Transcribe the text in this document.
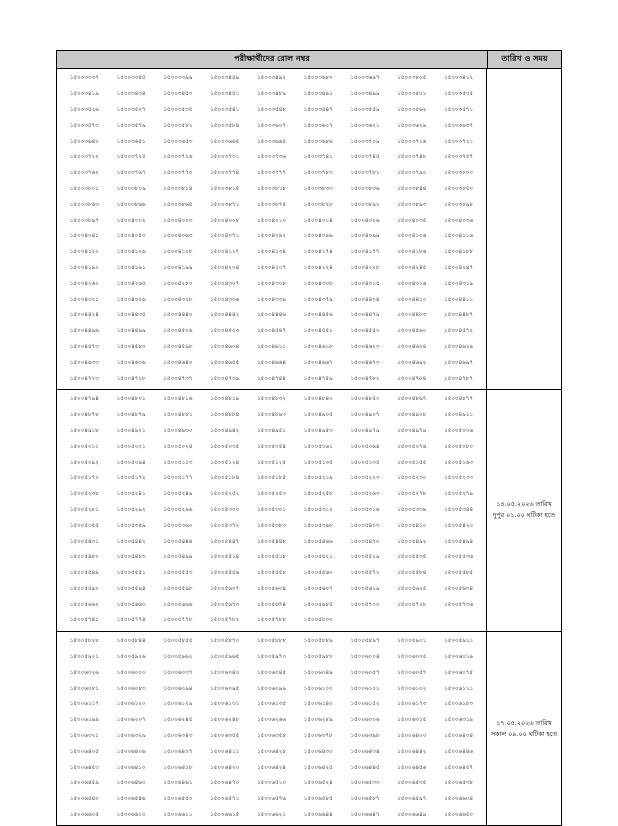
পরীক্ষার্থীদের রোল নম্বর	তারিখ ও সময়
১৫০০৩৩৩৭	১৫০০৩৩৫৫	১৫০০৩৩৯৯	১৫০০৩৪৫৯	১৫০০৩৪৯২	১৫০০৩৬৮০	১৫০০৩৬৯৭	১৫০০৩৮০৫	১৫০০৩৪১২
১৫০০৩৪১৯	১৫০০৩৪৩৪	১৫০০৩৪৫০	১৫০০৩৪৫১	১৫০০৩৪৮৯	১৫০০৩৪৯১	১৫০০৩৪৯৯	১৫০০৩৫০১	১৫০০৩৫০৫
১৫০০৩৫২৬	১৫০০৩৫২৭	১৫০০৩৫৩৫	১৫০০৩৫৪১	১৫০০৩৫৪৮	১৫০০৩৫৪৭	১৫০০৩৫৫৯	১৫০০৩৫৬২	১৫০০৩৫৭১
১৫০০৩৫৭৩	১৫০০৩৫৭৯	১৫০০৩৫৮২	১৫০০৩৫৮৪	১৫০০৩৬০৭	১৫০০৩৬১৭	১৫০০৩৬২১	১৫০০৩৬২৯	১৫০০৩৬৩৭
১৫০০৩৬৪০	১৫০০৩৬৫১	১৫০০৩৬৫৩	১৫০০৩৬৬৫	১৫০০৩৬৬৫	১৫০০৩৬৮৬	১৫০০৩৭০৯	১৫০০৩৭১৬	১৫০০৩৭২১
১৫০০৩৭২২	১৫০০৩৭২৫	১৫০০৩৭২৬	১৫০০৩৭৩১	১৫০০৩৭৩৬	১৫০০৩৭৪১	১৫০০৩৭৪৫	১৫০০৩৭৪৮	১৫০০৩৭৫৭
১৫০০৩৭৬২	১৫০০৩৭৬৭	১৫০০৩৭৭০	১৫০০৩৭৭৪	১৫০০৩৭৭৭	১৫০০৩৭৮০	১৫০০৩৭৮১	১৫০০৩৭৯০	১৫০০৩৮০০
১৫০০৩৮০১	১৫০০৩৮০৯	১৫০০৩৮১৪	১৫০০৩৮১৫	১৫০০৩৮১৮	১৫০০৩৮৩৩	১৫০০৩৮৩৬	১৫০০৩৮৪৪	১৫০০৩৮৫০
১৫০০৩৮৬৩	১৫০০৩৮৬৬	১৫০০৩৮৬৫	১৫০০৩৮৭১	১৫০০৩৮৭৫	১৫০০৩৮২৮	১৫০০৩৮৯২	১৫০০৩৮৯৩	১৫০০৩৮৯৮
১৫০০৩৮৯৭	১৫০০৪০০২	১৫০০৪০০৩	১৫০০৪০০৮	১৫০০৪০১০	১৫০০৪০১৪	১৫০০৪০২৬	১৫০০৪০৩৫	১৫০০৪০৩৬
১৫০০৪০৪১	১৫০০৪০৫০	১৫০০৪০৬৩	১৫০০৪০৭১	১৫০০৪০৯২	১৫০০৪০৯৬	১৫০০৪০৯৯	১৫০০৪১০৬	১৫০০৪১১৬
১৫০০৪১২০	১৫০০৪১২৬	১৫০০৪১২৮	১৫০০৪১২৭	১৫০০৪১৩৪	১৫০০৪১৭৪	১৫০০৪১৭৭	১৫০০৪১৮৬	১৫০০৪১৮৮
১৫০০৪১৯০	১৫০০৪১৯১	১৫০০৪১৯৯	১৫০০৪২০৪	১৫০০৪২০৭	১৫০০৪২২৪	১৫০০৪২২৮	১৫০০৪২৪৫	১৫০০৪২৪৭
১৫০০৪২৬০	১৫০০৪২৬৫	১৫০০৪২৮০	১৫০০৪৩০৭	১৫০০৪৩০৮	১৫০০৪৩০৮	১৫০০৪৩১৫	১৫০০৪৩১৬	১৫০০৪৩১৯
১৫০০৪৩২১	১৫০০৪৩২৬	১৫০০৪৩২৮	১৫০০৪৩৩৬	১৫০০৪৩৩৯	১৫০০৪৩৭৯	১৫০০৪৪০৪	১৫০০৪৪১০	১৫০০৪৪১১
১৫০০৪৪২৪	১৫০০৪৪৩৫	১৫০০৪৪৪০	১৫০০৪৪৪২	১৫০০৪৪৪৬	১৫০০৪৪৫৬	১৫০০৪৪৭৯	১৫০০৪৪৮৩	১৫০০৪৪৮৭
১৫০০৪৪৯৬	১৫০০৪৪৯৯	১৫০০৪৫০৬	১৫০০৪৫২৩	১৫০০৪৫৪৭	১৫০০৪৫৫১	১৫০০৪৫৫০	১৫০০৪৫৬০	১৫০০৪৫৭২
১৫০০৪৫৭৩	১৫০০৪৫৮০	১৫০০৪৫৯৮	১৫০০৪৬০৪	১৫০০৪৬১১	১৫০০৪৬১৮	১৫০০৪৬২৩	১৫০০৪৬২৪	১৫০০৪৬২৯
১৫০০৪৬৩৩	১৫০০৪৬৩৬	১৫০০৪৬৪০	১৫০০৪৬৫৫	১৫০০৪৬৬৪	১৫০০৪৬৬৭	১৫০০৪৬৭৩	১৫০০৪৬৯২	১৫০০৪৬৯৭
১৫০০৪৭২৩	১৫০০৪৭২৮	১৫০০৪৭৩৭	১৫০০৪৭৩৯	১৫০০৪৭৪৪	১৫০০৪৭৫৯	১৫০০৪৭৮২	১৫০০৪৭৮৪	১৫০০৪৭৮৭
১৫০০৪৭৯৪	১৫০০৪৮০১	১৫০০৪৮১৬	১৫০০৪৮১৯	১৫০০৪৮৩২	১৫০০৪৮৪০	১৫০০৪৮৫০	১৫০০৪৮৬৭	১৫০০৪৮৭৭
১৫০০৪৮৭৮	১৫০০৪৮৭৯	১৫০০৪৮৮১	১৫০০৪৮৮৪	১৫০০৪৮৯৩	১৫০০৪৯০৫	১৫০০৪৯০৭	১৫০০৪৯০৮	১৫০০৪৯১১
১৫০০৪৯১৮	১৫০০৪৯২১	১৫০০৪৯৩০	১৫০০৪৯৪২	১৫০০৪৯৫১	১৫০০৪৯৫৩	১৫০০৪৯৭৯	১৫০০৪৯৭৯	১৫০০৫০০৬
১৫০০৫০১১	১৫০০৫০২১	১৫০০৫০২৪	১৫০০৫০৩৫	১৫০০৫০৫৪	১৫০০৫০৬১	১৫০০৫০৬৪	১৫০০৫০৭৬	১৫০০৫০৮০
১৫০০৫০৯২	১৫০০৫০৯৪	১৫০০৫১১৩	১৫০০৫১২৪	১৫০০৫১২৫	১৫০০৫১৩৫	১৫০০৫১৩৫	১৫০০৫১৫৫	১৫০০৫১৬৩
১৫০০৫১৭০	১৫০০৫১৭২	১৫০০৫১৭৭	১৫০০৫১৮৪	১৫০০৫১৮৫	১৫০০৫২১৯	১৫০০৫২২৩	১৫০০৫২৩০	১৫০০৫২৩৩
১৫০০৫২৩৮	১৫০০৫২৪১	১৫০০৫২৪৯	১৫০০৫২৫২	১৫০০৫২৫৩	১৫০০৫২৫৮	১৫০০৫২৬৩	১৫০০৫২৭৮	১৫০০৫২৭৯
১৫০০৫২৮১	১৫০০৫২৯২	১৫০০৫২৯৬	১৫০০৫৩০০	১৫০০৫৩০১	১৫০০৫৩১২	১৫০০৫৩১৬	১৫০০৫৩৩৯	১৫০০৫৩৪৪
১৫০০৫৩৫৫	১৫০০৫৩৫৯	১৫০০৫৩৬০	১৫০০৫৩৭২	১৫০০৫৩৮৩	১৫০০৫৩৯৮	১৫০০৫৪০৩	১৫০০৫৪১০	১৫০০৫৪২০
১৫০০৫৪৩১	১৫০০৫৪৪২	১৫০০৫৪৪৪	১৫০০৫৪৪৭	১৫০০৫৪৪৮	১৫০০৫৪৬৬	১৫০০৫৪৭০	১৫০০৫৪৯২	১৫০০৫৪৯৪
১৫০০৫৪৮০	১৫০০৫৪৮৩	১৫০০৫৪৯৯	১৫০০৫৫১৪	১৫০০৫৫১৮	১৫০০৫৫২১	১৫০০৫৫২৯	১৫০০৫৫৩৫	১৫০০৫৫৩৬
১৫০০৫৫৪৯	১৫০০৫৫৫১	১৫০০৫৫৫৩	১৫০০৫৫৫৬	১৫০০৫৫৫৮	১৫০০৫৫৬০	১৫০০৫৫৭২	১৫০০৫৫৮৪	১৫০০৫৫৮৫
১৫০০৫৫৯০	১৫০০৫৫৯৪	১৫০০৫৫৯৮	১৫০০৫৬০৭	১৫০০৫৬০৪	১৫০০৫৬০৭	১৫০০৫৬১৯	১৫০০৫৬২৫	১৫০০৫৬৩৪
১৫০০৫৬৬২	১৫০০৫৬৬৩	১৫০০৫৬৬৬	১৫০০৫৬৭৩	১৫০০৫৬৭৪	১৫০০৫৬৮৫	১৫০০৫৭০০	১৫০০৫৭২৮	১৫০০৫৭৩৬
১৫০০৫৭৪১	১৫০০৫৭৭৪	১৫০০৫৭৭৮	১৫০০৫৭৮২	১৫০০৫৭৮৮	১৫০০৫৮০০
১৪.০৫.২০২৬ তারিখ
দুপুর ০১.০০ ঘটিকা হতে
১৫০০৫৮২৮	১৫০০৫৮৪৪	১৫০০৫৮৫৫	১৫০০৫৮৭০	১৫০০৫৮৮৮	১৫০০৫৮৮৯	১৫০০৫৮৯৭	১৫০০৫৯০১	১৫০০৫৯১১
১৫০০৫৯২১	১৫০০৫৯২৬	১৫০০৫৯৬২	১৫০০৫৯৬৫	১৫০০৫৯৭০	১৫০০৫৯৮০	১৫০০৬০০৪	১৫০০৬০০৫	১৫০০৬০১৯
১৫০০৬০২৬	১৫০০৬০০০	১৫০০৬০৩৭	১৫০০৬০৪০	১৫০০৬০৪৫	১৫০০৬০৪৯	১৫০০৬০৫৭	১৫০০৬০৫৭	১৫০০৬০৭৫
১৫০০৬০৮১	১৫০০৬০৮৩	১৫০০৬০৯৪	১৫০০৬০৯৫	১৫০০৬০৯৯	১৫০০৬১০০	১৫০০৬১০১	১৫০০৬১০২	১৫০০৬১১১
১৫০০৬১১৭	১৫০০৬১২০	১৫০০৬১২৯	১৫০০৬১৩১	১৫০০৬১৩৫	১৫০০৬১৪০	১৫০০৬১৫২	১৫০০৬১৭৩	১৫০০৬১৮৩
১৫০০৬১৯৯	১৫০০৬২০৭	১৫০০৬২৪৫	১৫০০৬২৪৮	১৫০০৬২৬৬	১৫০০৬২৮৯	১৫০০৬৩০৬	১৫০০৬৩১৫	১৫০০৬৩১৯
১৫০০৬৩২১	১৫০০৬৩২৯	১৫০০৬৩৪৩	১৫০০৬৩৫৫	১৫০০৬৩৫৮	১৫০০৬৩৭৮	১৫০০৬৩৯৮	১৫০০৬৪০০	১৫০০৬৪০৪
১৫০০৬৪০৫	১৫০০৬৪০৬	১৫০০৬৪০৭	১৫০০৬৪১১	১৫০০৬৪২৮	১৫০০৬৪৩০	১৫০০৬৪৩৪	১৫০০৬৪৪২	১৫০০৬৪৪৬
১৫০০৬৪৫৩	১৫০০৬৪১০	১৫০০৬৪১৮	১৫০০৬৪২০	১৫০০৬৪২৪	১৫০০৬৪২৫	১৫০০৬৪৪৫	১৫০০৬৪৫৬	১৫০০৬৪৫৭
১৫০০৬৪৫৯	১৫০০৬৪৬০	১৫০০৬৪৬১	১৫০০৬৪৭০	১৫০০৬৫১০	১৫০০৬৫২৪	১৫০০৬৫৩৩	১৫০০৬৫৩৫	১৫০০৬৫৩৮
১৫০০৬৫৪০	১৫০০৬৫৪৬	১৫০০৬৫৫০	১৫০০৬৫৭১	১৫০০৬৫৭৬	১৫০০৬৫৮৫	১৫০০৬৫৮৭	১৫০০৬৫৯৭	১৫০০৬৬০৪
১৫০০৬৬০৫	১৫০০৬৬১০	১৫০০৬৬১১	১৫০০৬৬১৫	১৫০০৬৬২১	১৫০০৬৬৪৪	১৫০০৬৬৪৭	১৫০০৬৬৪৯	১৫০০৬৬৫০
১৭.০৫.২০২৬ তারিখ
সকাল ০৯.০০ ঘটিকা হতে
